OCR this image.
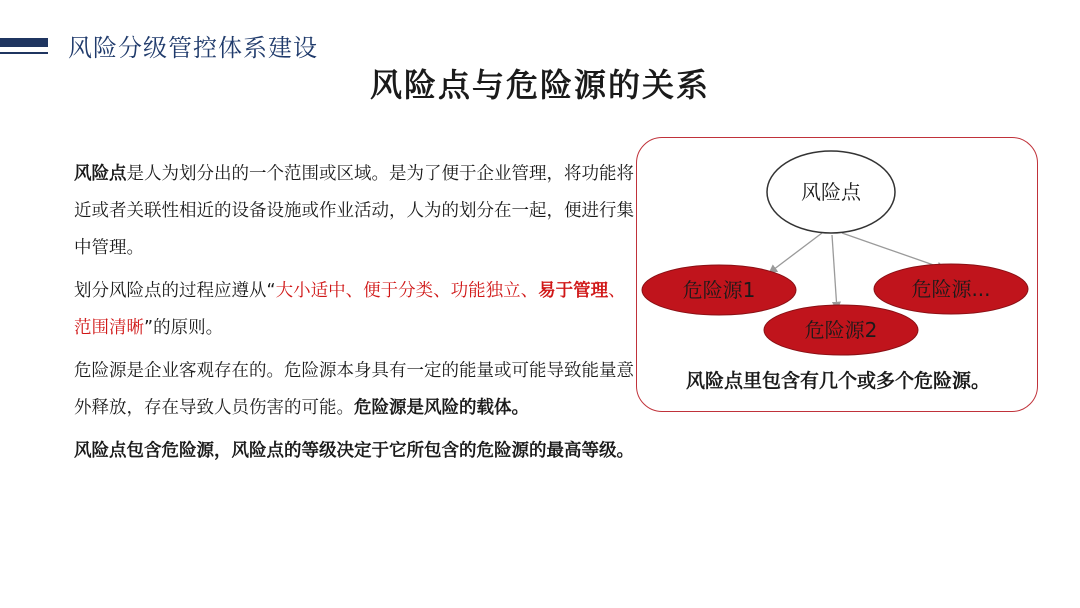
风险分级管控体系建设
风险点与危险源的关系

风险点是人为划分出的一个范围或区域。是为了便于企业管理，将功能将近或者关联性相近的设备设施或作业活动，人为的划分在一起，便进行集中管理。

划分风险点的过程应遵从“大小适中、便于分类、功能独立、易于管理、范围清晰”的原则。

危险源是企业客观存在的。危险源本身具有一定的能量或可能导致能量意外释放，存在导致人员伤害的可能。危险源是风险的载体。

风险点包含危险源，风险点的等级决定于它所包含的危险源的最高等级。

风险点
危险源1
危险源2
危险源...
风险点里包含有几个或多个危险源。
